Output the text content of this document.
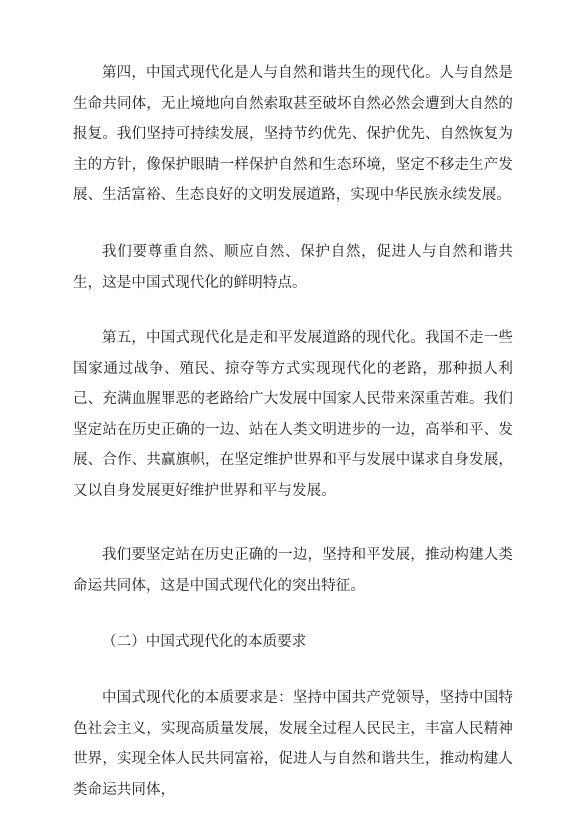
第四，中国式现代化是人与自然和谐共生的现代化。人与自然是生命共同体，无止境地向自然索取甚至破坏自然必然会遭到大自然的报复。我们坚持可持续发展，坚持节约优先、保护优先、自然恢复为主的方针，像保护眼睛一样保护自然和生态环境，坚定不移走生产发展、生活富裕、生态良好的文明发展道路，实现中华民族永续发展。

我们要尊重自然、顺应自然、保护自然，促进人与自然和谐共生，这是中国式现代化的鲜明特点。

第五，中国式现代化是走和平发展道路的现代化。我国不走一些国家通过战争、殖民、掠夺等方式实现现代化的老路，那种损人利己、充满血腥罪恶的老路给广大发展中国家人民带来深重苦难。我们坚定站在历史正确的一边、站在人类文明进步的一边，高举和平、发展、合作、共赢旗帜，在坚定维护世界和平与发展中谋求自身发展，又以自身发展更好维护世界和平与发展。

我们要坚定站在历史正确的一边，坚持和平发展，推动构建人类命运共同体，这是中国式现代化的突出特征。

（二）中国式现代化的本质要求

中国式现代化的本质要求是：坚持中国共产党领导，坚持中国特色社会主义，实现高质量发展，发展全过程人民民主，丰富人民精神世界，实现全体人民共同富裕，促进人与自然和谐共生，推动构建人类命运共同体，
